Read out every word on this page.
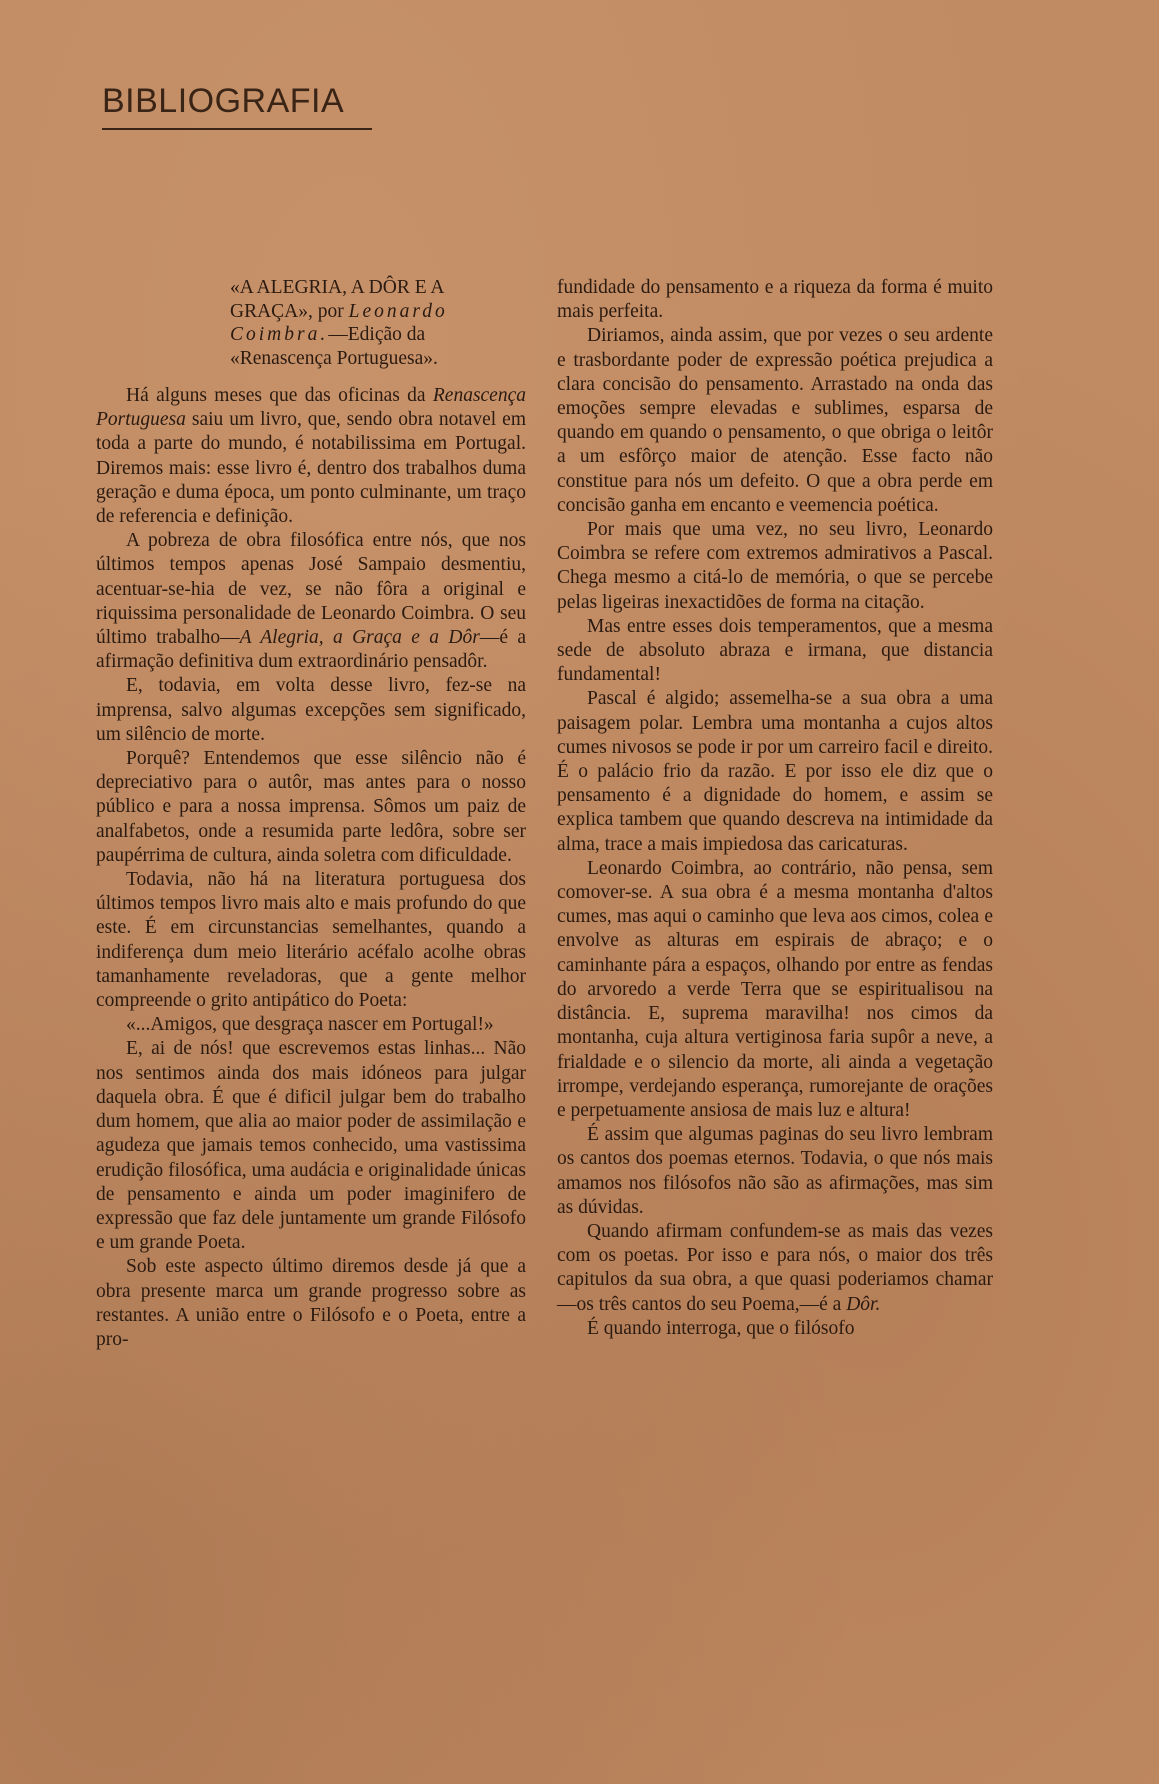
BIBLIOGRAFIA
«A ALEGRIA, A DÔR E A GRAÇA», por Leonardo Coimbra.—Edição da «Renascença Portuguesa».

Há alguns meses que das oficinas da Renascença Portuguesa saiu um livro, que, sendo obra notavel em toda a parte do mundo, é notabilissima em Portugal. Diremos mais: esse livro é, dentro dos trabalhos duma geração e duma época, um ponto culminante, um traço de referencia e definição.

A pobreza de obra filosófica entre nós, que nos últimos tempos apenas José Sampaio desmentiu, acentuar-se-hia de vez, se não fôra a original e riquissima personalidade de Leonardo Coimbra. O seu último trabalho—A Alegria, a Graça e a Dôr—é a afirmação definitiva dum extraordinário pensadôr.

E, todavia, em volta desse livro, fez-se na imprensa, salvo algumas excepções sem significado, um silêncio de morte.

Porquê? Entendemos que esse silêncio não é depreciativo para o autôr, mas antes para o nosso público e para a nossa imprensa. Sômos um paiz de analfabetos, onde a resumida parte ledôra, sobre ser paupérrima de cultura, ainda soletra com dificuldade.

Todavia, não há na literatura portuguesa dos últimos tempos livro mais alto e mais profundo do que este. É em circunstancias semelhantes, quando a indiferença dum meio literário acéfalo acolhe obras tamanhamente reveladoras, que a gente melhor compreende o grito antipático do Poeta:

«...Amigos, que desgraça nascer em Portugal!»

E, ai de nós! que escrevemos estas linhas... Não nos sentimos ainda dos mais idóneos para julgar daquela obra. É que é dificil julgar bem do trabalho dum homem, que alia ao maior poder de assimilação e agudeza que jamais temos conhecido, uma vastissima erudição filosófica, uma audácia e originalidade únicas de pensamento e ainda um poder imaginifero de expressão que faz dele juntamente um grande Filósofo e um grande Poeta.

Sob este aspecto último diremos desde já que a obra presente marca um grande progresso sobre as restantes. A união entre o Filósofo e o Poeta, entre a pro-

fundidade do pensamento e a riqueza da forma é muito mais perfeita.

Diriamos, ainda assim, que por vezes o seu ardente e trasbordante poder de expressão poética prejudica a clara concisão do pensamento. Arrastado na onda das emoções sempre elevadas e sublimes, esparsa de quando em quando o pensamento, o que obriga o leitôr a um esfôrço maior de atenção. Esse facto não constitue para nós um defeito. O que a obra perde em concisão ganha em encanto e veemencia poética.

Por mais que uma vez, no seu livro, Leonardo Coimbra se refere com extremos admirativos a Pascal. Chega mesmo a citá-lo de memória, o que se percebe pelas ligeiras inexactidões de forma na citação.

Mas entre esses dois temperamentos, que a mesma sede de absoluto abraza e irmana, que distancia fundamental!

Pascal é algido; assemelha-se a sua obra a uma paisagem polar. Lembra uma montanha a cujos altos cumes nivosos se pode ir por um carreiro facil e direito. É o palácio frio da razão. E por isso ele diz que o pensamento é a dignidade do homem, e assim se explica tambem que quando descreva na intimidade da alma, trace a mais impiedosa das caricaturas.

Leonardo Coimbra, ao contrário, não pensa, sem comover-se. A sua obra é a mesma montanha d'altos cumes, mas aqui o caminho que leva aos cimos, colea e envolve as alturas em espirais de abraço; e o caminhante pára a espaços, olhando por entre as fendas do arvoredo a verde Terra que se espiritualisou na distância. E, suprema maravilha! nos cimos da montanha, cuja altura vertiginosa faria supôr a neve, a frialdade e o silencio da morte, ali ainda a vegetação irrompe, verdejando esperança, rumorejante de orações e perpetuamente ansiosa de mais luz e altura!

É assim que algumas paginas do seu livro lembram os cantos dos poemas eternos. Todavia, o que nós mais amamos nos filósofos não são as afirmações, mas sim as dúvidas.

Quando afirmam confundem-se as mais das vezes com os poetas. Por isso e para nós, o maior dos três capitulos da sua obra, a que quasi poderiamos chamar—os três cantos do seu Poema,—é a Dôr.

É quando interroga, que o filósofo
